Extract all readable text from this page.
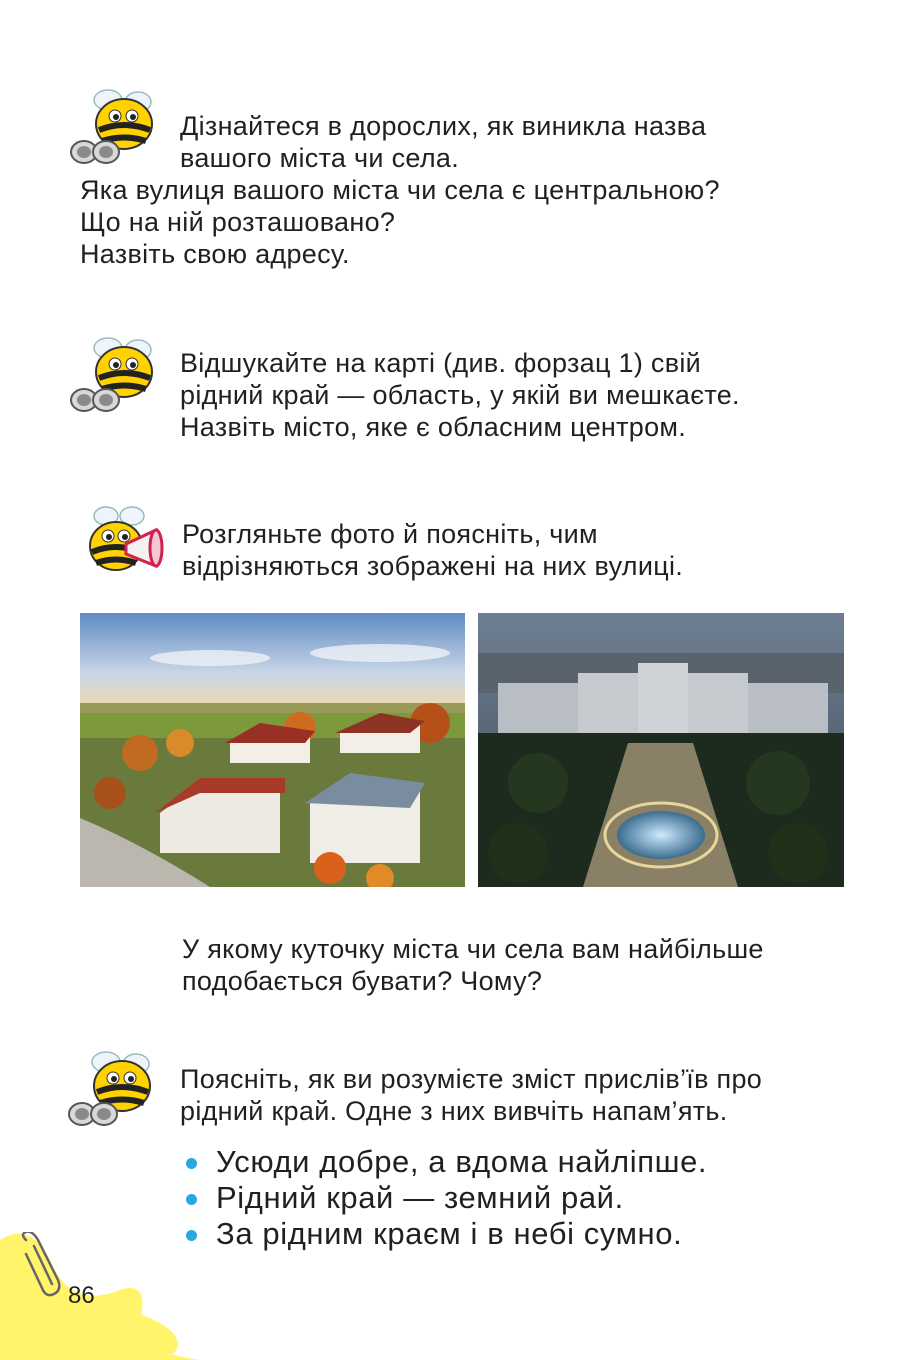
Дізнайтеся в дорослих, як виникла назва

вашого міста чи села.

Яка вулиця вашого міста чи села є центральною?

Що на ній розташовано?

Назвіть свою адресу.

Відшукайте на карті (див. форзац 1) свій

рідний край — область, у якій ви мешкаєте.

Назвіть місто, яке є обласним центром.

Розгляньте фото й поясніть, чим

відрізняються зображені на них вулиці.

У якому куточку міста чи села вам найбільше

подобається бувати? Чому?

Поясніть, як ви розумієте зміст прислів’їв про

рідний край. Одне з них вивчіть напам’ять.

Усюди добре, а вдома найліпше.
Рідний край — земний рай.
За рідним краєм і в небі сумно.
86
